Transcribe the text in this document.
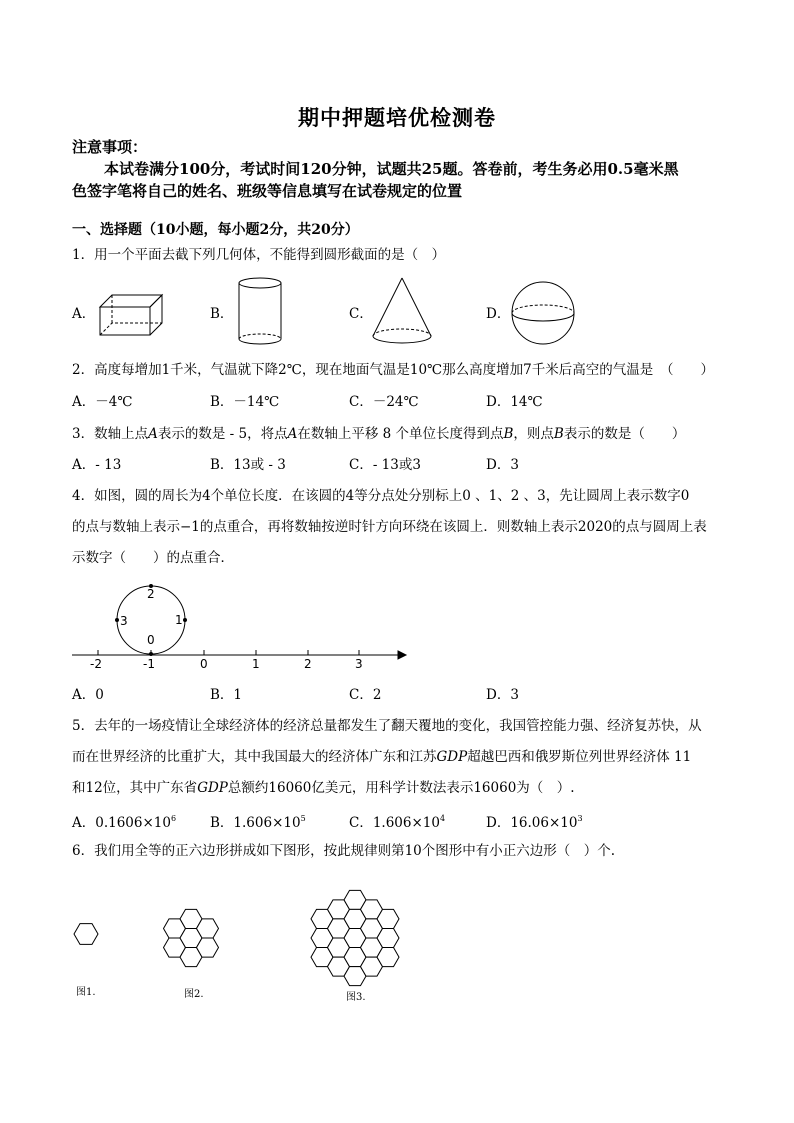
期中押题培优检测卷
注意事项：
本试卷满分100分，考试时间120分钟，试题共25题。答卷前，考生务必用0.5毫米黑
色签字笔将自己的姓名、班级等信息填写在试卷规定的位置
一、选择题（10小题，每小题2分，共20分）
1．用一个平面去截下列几何体，不能得到圆形截面的是（　）
A．	B．	C．	D．
2．高度每增加1千米，气温就下降2℃，现在地面气温是10℃那么高度增加7千米后高空的气温是　（　　）
A．－4℃	B．－14℃	C．－24℃	D．14℃
3．数轴上点A表示的数是 - 5，将点A在数轴上平移 8 个单位长度得到点B，则点B表示的数是（　　）
A．- 13	B．13或 - 3	C．- 13或3	D．3
4．如图，圆的周长为4个单位长度．在该圆的4等分点处分别标上0 、1、2 、3，先让圆周上表示数字0
的点与数轴上表示−1的点重合，再将数轴按逆时针方向环绕在该圆上．则数轴上表示2020的点与圆周上表
示数字（　　）的点重合．
2
1
3
0
-2	-1	0	1	2	3
A．0	B．1	C．2	D．3
5．去年的一场疫情让全球经济体的经济总量都发生了翻天覆地的变化，我国管控能力强、经济复苏快，从
而在世界经济的比重扩大，其中我国最大的经济体广东和江苏GDP超越巴西和俄罗斯位列世界经济体 11
和12位，其中广东省GDP总额约16060亿美元，用科学计数法表示16060为（　）.
A．$0.1606\times 10^6$	B．$1.606\times 10^5$	C．$1.606\times 10^4$	D．$16.06\times 10^3$
6．我们用全等的正六边形拼成如下图形，按此规律则第10个图形中有小正六边形（　）个.
图1.	图2.	图3.
